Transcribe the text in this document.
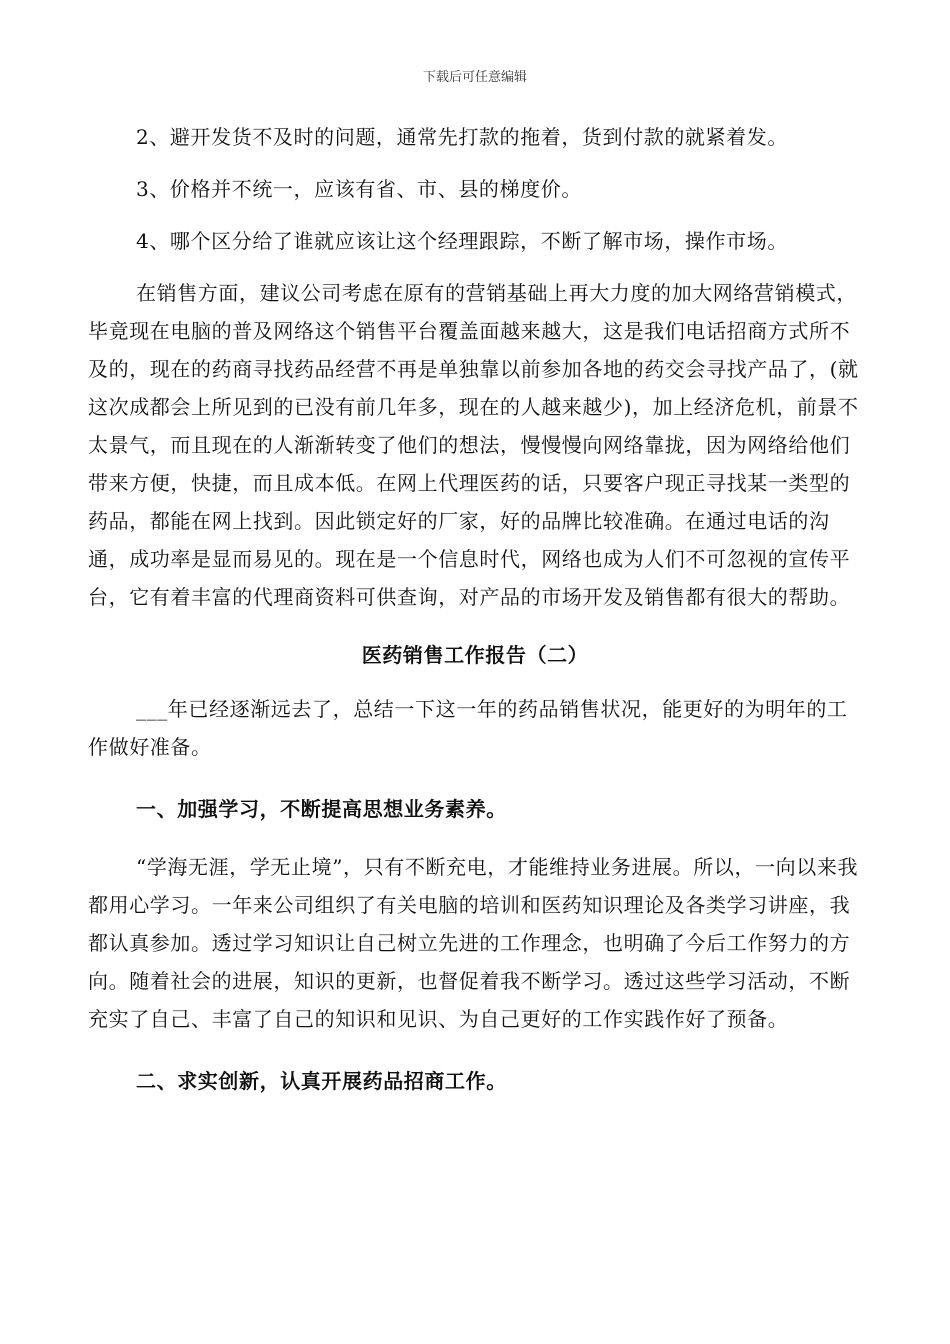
下载后可任意编辑

2、避开发货不及时的问题，通常先打款的拖着，货到付款的就紧着发。

3、价格并不统一，应该有省、市、县的梯度价。

4、哪个区分给了谁就应该让这个经理跟踪，不断了解市场，操作市场。

在销售方面，建议公司考虑在原有的营销基础上再大力度的加大网络营销模式，毕竟现在电脑的普及网络这个销售平台覆盖面越来越大，这是我们电话招商方式所不及的，现在的药商寻找药品经营不再是单独靠以前参加各地的药交会寻找产品了，(就这次成都会上所见到的已没有前几年多，现在的人越来越少)，加上经济危机，前景不太景气，而且现在的人渐渐转变了他们的想法，慢慢慢向网络靠拢，因为网络给他们带来方便，快捷，而且成本低。在网上代理医药的话，只要客户现正寻找某一类型的药品，都能在网上找到。因此锁定好的厂家，好的品牌比较准确。在通过电话的沟通，成功率是显而易见的。现在是一个信息时代，网络也成为人们不可忽视的宣传平台，它有着丰富的代理商资料可供查询，对产品的市场开发及销售都有很大的帮助。

医药销售工作报告（二）

___年已经逐渐远去了，总结一下这一年的药品销售状况，能更好的为明年的工作做好准备。

一、加强学习，不断提高思想业务素养。

“学海无涯，学无止境”，只有不断充电，才能维持业务进展。所以，一向以来我都用心学习。一年来公司组织了有关电脑的培训和医药知识理论及各类学习讲座，我都认真参加。透过学习知识让自己树立先进的工作理念，也明确了今后工作努力的方向。随着社会的进展，知识的更新，也督促着我不断学习。透过这些学习活动，不断充实了自己、丰富了自己的知识和见识、为自己更好的工作实践作好了预备。

二、求实创新，认真开展药品招商工作。
